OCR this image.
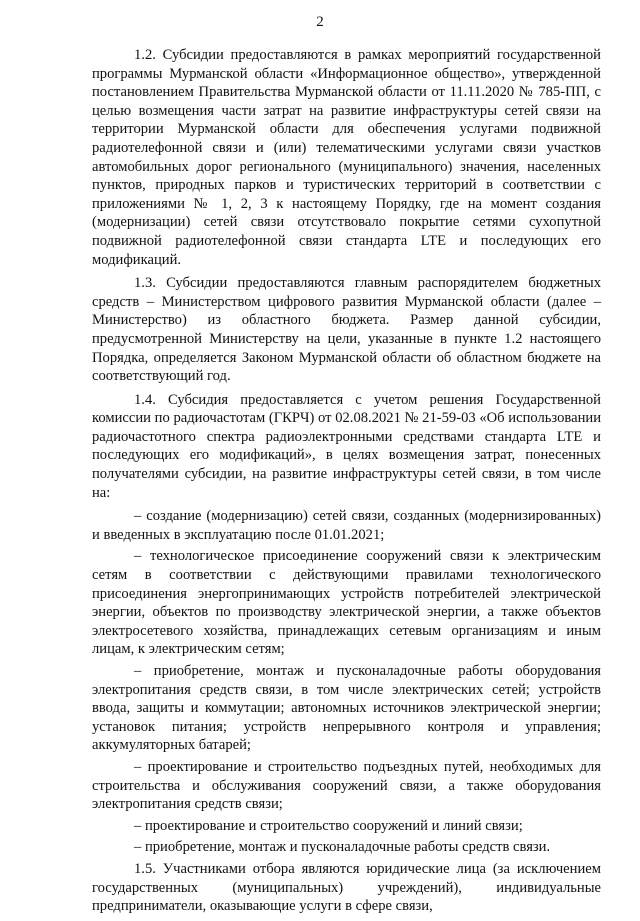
2

1.2. Субсидии предоставляются в рамках мероприятий государственной программы Мурманской области «Информационное общество», утвержденной постановлением Правительства Мурманской области от 11.11.2020 № 785-ПП, с целью возмещения части затрат на развитие инфраструктуры сетей связи на территории Мурманской области для обеспечения услугами подвижной радиотелефонной связи и (или) телематическими услугами связи участков автомобильных дорог регионального (муниципального) значения, населенных пунктов, природных парков и туристических территорий в соответствии с приложениями № 1, 2, 3 к настоящему Порядку, где на момент создания (модернизации) сетей связи отсутствовало покрытие сетями сухопутной подвижной радиотелефонной связи стандарта LTE и последующих его модификаций.

1.3. Субсидии предоставляются главным распорядителем бюджетных средств – Министерством цифрового развития Мурманской области (далее – Министерство) из областного бюджета. Размер данной субсидии, предусмотренной Министерству на цели, указанные в пункте 1.2 настоящего Порядка, определяется Законом Мурманской области об областном бюджете на соответствующий год.

1.4. Субсидия предоставляется с учетом решения Государственной комиссии по радиочастотам (ГКРЧ) от 02.08.2021 № 21-59-03 «Об использовании радиочастотного спектра радиоэлектронными средствами стандарта LTE и последующих его модификаций», в целях возмещения затрат, понесенных получателями субсидии, на развитие инфраструктуры сетей связи, в том числе на:

– создание (модернизацию) сетей связи, созданных (модернизированных) и введенных в эксплуатацию после 01.01.2021;

– технологическое присоединение сооружений связи к электрическим сетям в соответствии с действующими правилами технологического присоединения энергопринимающих устройств потребителей электрической энергии, объектов по производству электрической энергии, а также объектов электросетевого хозяйства, принадлежащих сетевым организациям и иным лицам, к электрическим сетям;

– приобретение, монтаж и пусконаладочные работы оборудования электропитания средств связи, в том числе электрических сетей; устройств ввода, защиты и коммутации; автономных источников электрической энергии; установок питания; устройств непрерывного контроля и управления; аккумуляторных батарей;

– проектирование и строительство подъездных путей, необходимых для строительства и обслуживания сооружений связи, а также оборудования электропитания средств связи;

– проектирование и строительство сооружений и линий связи;

– приобретение, монтаж и пусконаладочные работы средств связи.

1.5. Участниками отбора являются юридические лица (за исключением государственных (муниципальных) учреждений), индивидуальные предприниматели, оказывающие услуги в сфере связи,
